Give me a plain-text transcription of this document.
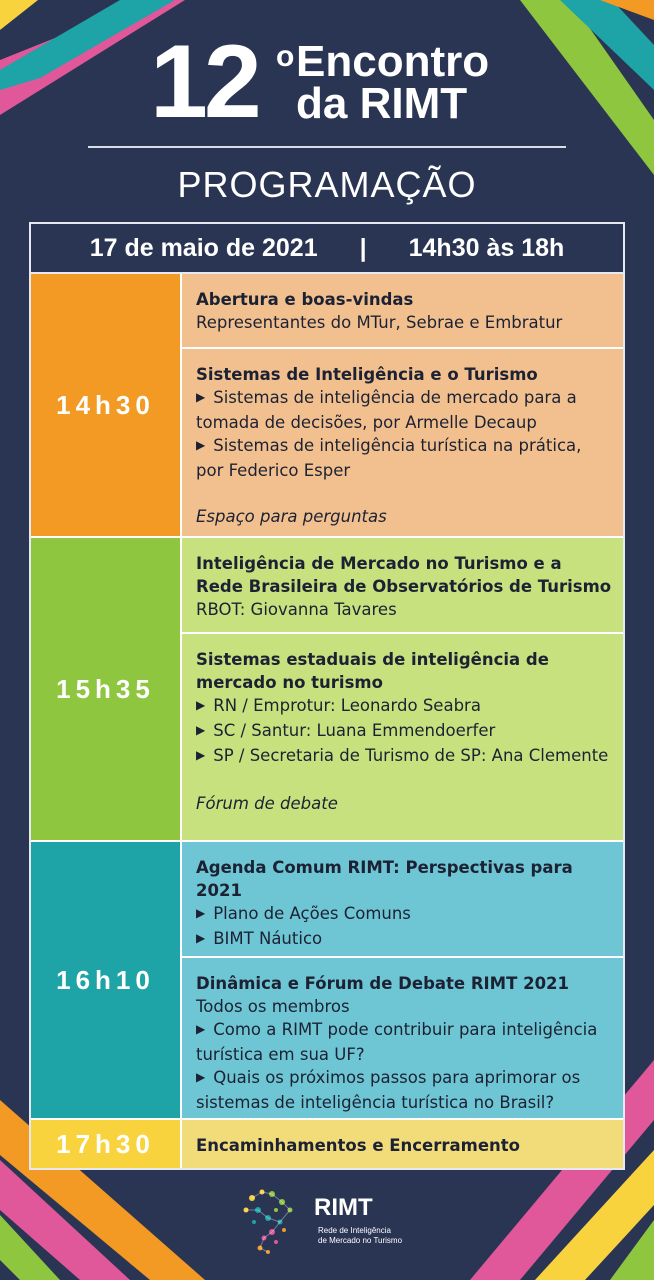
12 o Encontro
da RIMT
PROGRAMAÇÃO
17 de maio de 2021 | 14h30 às 18h
14h30
Abertura e boas-vindas
Representantes do MTur, Sebrae e Embratur
Sistemas de Inteligência e o Turismo
▶ Sistemas de inteligência de mercado para a tomada de decisões, por Armelle Decaup
▶ Sistemas de inteligência turística na prática, por Federico Esper
Espaço para perguntas
15h35
Inteligência de Mercado no Turismo e a Rede Brasileira de Observatórios de Turismo
RBOT: Giovanna Tavares
Sistemas estaduais de inteligência de mercado no turismo
▶ RN / Emprotur: Leonardo Seabra
▶ SC / Santur: Luana Emmendoerfer
▶ SP / Secretaria de Turismo de SP: Ana Clemente
Fórum de debate
16h10
Agenda Comum RIMT: Perspectivas para 2021
▶ Plano de Ações Comuns
▶ BIMT Náutico
Dinâmica e Fórum de Debate RIMT 2021
Todos os membros
▶ Como a RIMT pode contribuir para inteligência turística em sua UF?
▶ Quais os próximos passos para aprimorar os sistemas de inteligência turística no Brasil?
17h30	Encaminhamentos e Encerramento
RIMT
Rede de Inteligência
de Mercado no Turismo
